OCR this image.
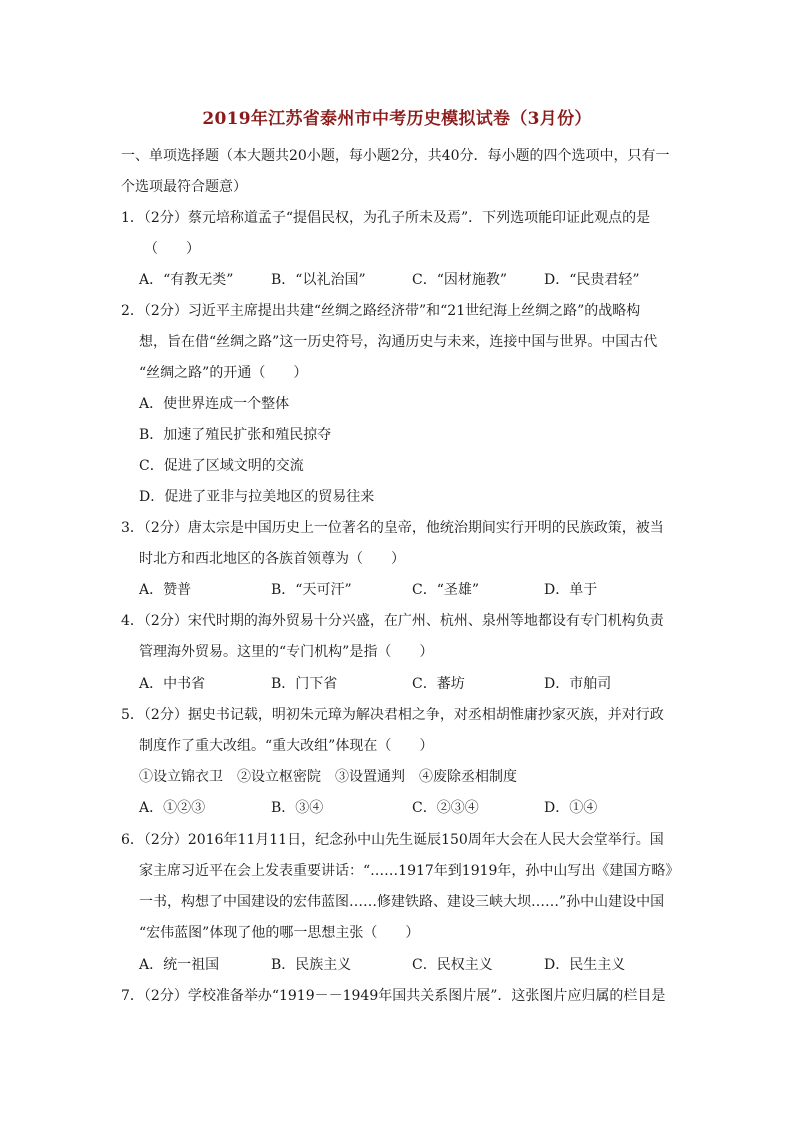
2019年江苏省泰州市中考历史模拟试卷（3月份）
一、单项选择题（本大题共20小题，每小题2分，共40分．每小题的四个选项中，只有一
个选项最符合题意）
1．（2分）蔡元培称道孟子“提倡民权，为孔子所未及焉”．下列选项能印证此观点的是
（　　）
A．“有教无类”	B．“以礼治国”	C．“因材施教”	D．“民贵君轻”
2．（2分）习近平主席提出共建“丝绸之路经济带”和“21世纪海上丝绸之路”的战略构
想，旨在借“丝绸之路”这一历史符号，沟通历史与未来，连接中国与世界。中国古代
“丝绸之路”的开通（　　）
A．使世界连成一个整体
B．加速了殖民扩张和殖民掠夺
C．促进了区域文明的交流
D．促进了亚非与拉美地区的贸易往来
3．（2分）唐太宗是中国历史上一位著名的皇帝，他统治期间实行开明的民族政策，被当
时北方和西北地区的各族首领尊为（　　）
A．赞普	B．“天可汗”	C．“圣雄”	D．单于
4．（2分）宋代时期的海外贸易十分兴盛，在广州、杭州、泉州等地都设有专门机构负责
管理海外贸易。这里的“专门机构”是指（　　）
A．中书省	B．门下省	C．蕃坊	D．市舶司
5．（2分）据史书记载，明初朱元璋为解决君相之争，对丞相胡惟庸抄家灭族，并对行政
制度作了重大改组。“重大改组”体现在（　　）
①设立锦衣卫　②设立枢密院　③设置通判　④废除丞相制度
A．①②③	B．③④	C．②③④	D．①④
6．（2分）2016年11月11日，纪念孙中山先生诞辰150周年大会在人民大会堂举行。国
家主席习近平在会上发表重要讲话：“……1917年到1919年，孙中山写出《建国方略》
一书，构想了中国建设的宏伟蓝图……修建铁路、建设三峡大坝……”孙中山建设中国
“宏伟蓝图”体现了他的哪一思想主张（　　）
A．统一祖国	B．民族主义	C．民权主义	D．民生主义
7．（2分）学校准备举办“1919－－1949年国共关系图片展”．这张图片应归属的栏目是
